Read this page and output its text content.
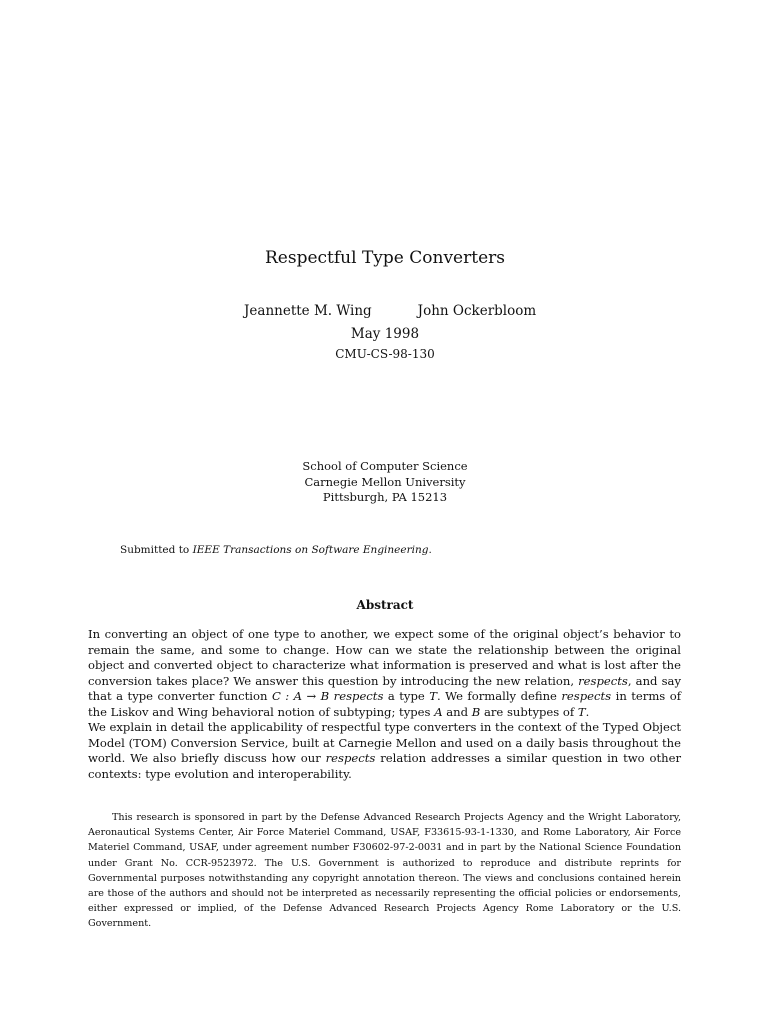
Respectful Type Converters
Jeannette M. Wing	John Ockerbloom
May 1998
CMU-CS-98-130
School of Computer Science
Carnegie Mellon University
Pittsburgh, PA 15213
Submitted to IEEE Transactions on Software Engineering.
Abstract

In converting an object of one type to another, we expect some of the original object’s behavior to remain the same, and some to change. How can we state the relationship between the original object and converted object to characterize what information is preserved and what is lost after the conversion takes place? We answer this question by introducing the new relation, respects, and say that a type converter function C : A → B respects a type T. We formally define respects in terms of the Liskov and Wing behavioral notion of subtyping; types A and B are subtypes of T.

We explain in detail the applicability of respectful type converters in the context of the Typed Object Model (TOM) Conversion Service, built at Carnegie Mellon and used on a daily basis throughout the world. We also briefly discuss how our respects relation addresses a similar question in two other contexts: type evolution and interoperability.

This research is sponsored in part by the Defense Advanced Research Projects Agency and the Wright Laboratory, Aeronautical Systems Center, Air Force Materiel Command, USAF, F33615-93-1-1330, and Rome Laboratory, Air Force Materiel Command, USAF, under agreement number F30602-97-2-0031 and in part by the National Science Foundation under Grant No. CCR-9523972. The U.S. Government is authorized to reproduce and distribute reprints for Governmental purposes notwithstanding any copyright annotation thereon. The views and conclusions contained herein are those of the authors and should not be interpreted as necessarily representing the official policies or endorsements, either expressed or implied, of the Defense Advanced Research Projects Agency Rome Laboratory or the U.S. Government.
